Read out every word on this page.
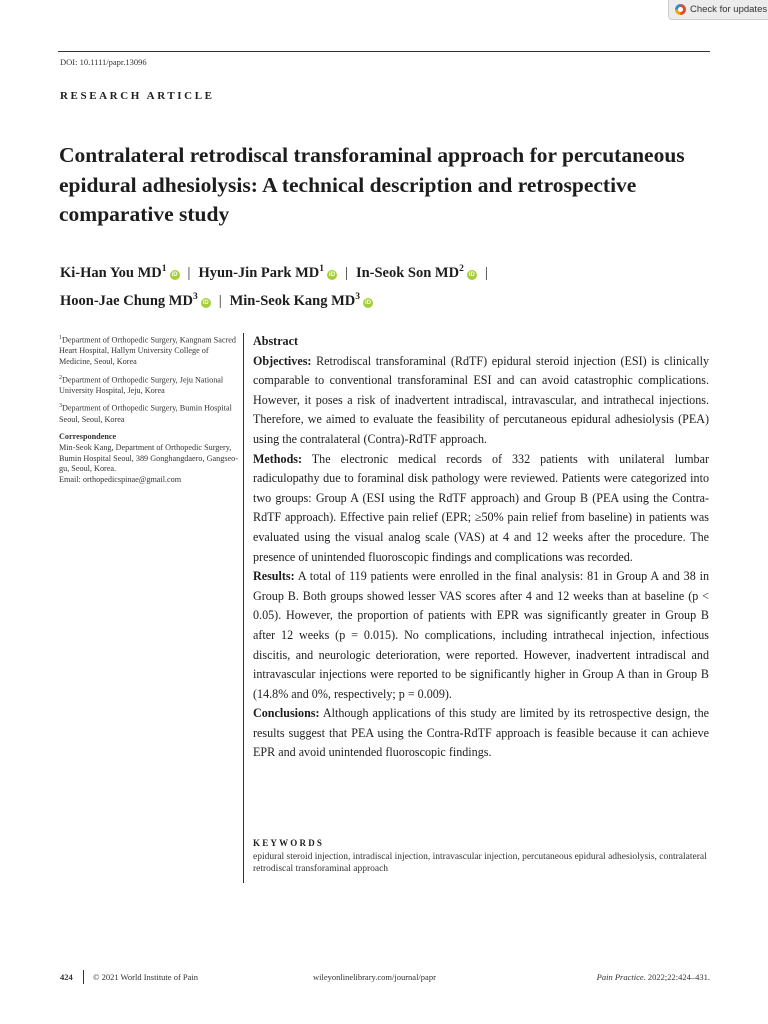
Check for updates
DOI: 10.1111/papr.13096
RESEARCH ARTICLE
Contralateral retrodiscal transforaminal approach for percutaneous epidural adhesiolysis: A technical description and retrospective comparative study
Ki-Han You $MD^1iD$ | Hyun-Jin Park $MD^1iD$ | In-Seok Son $MD^2iD$ |
Hoon-Jae Chung $MD^3iD$ | Min-Seok Kang $MD^3iD$

$^1$Department of Orthopedic Surgery, Kangnam Sacred Heart Hospital, Hallym University College of Medicine, Seoul, Korea

$^2$Department of Orthopedic Surgery, Jeju National University Hospital, Jeju, Korea

$^3$Department of Orthopedic Surgery, Bumin Hospital Seoul, Seoul, Korea

Correspondence

Min-Seok Kang, Department of Orthopedic Surgery, Bumin Hospital Seoul, 389 Gonghangdaero, Gangseo-gu, Seoul, Korea.

Email: orthopedicspinae@gmail.com

Abstract

Objectives: Retrodiscal transforaminal (RdTF) epidural steroid injection (ESI) is clinically comparable to conventional transforaminal ESI and can avoid catastrophic complications. However, it poses a risk of inadvertent intradiscal, intravascular, and intrathecal injections. Therefore, we aimed to evaluate the feasibility of percutaneous epidural adhesiolysis (PEA) using the contralateral (Contra)-RdTF approach.

Methods: The electronic medical records of 332 patients with unilateral lumbar radiculopathy due to foraminal disk pathology were reviewed. Patients were categorized into two groups: Group A (ESI using the RdTF approach) and Group B (PEA using the Contra-RdTF approach). Effective pain relief (EPR; ≥50% pain relief from baseline) in patients was evaluated using the visual analog scale (VAS) at 4 and 12 weeks after the procedure. The presence of unintended fluoroscopic findings and complications was recorded.

Results: A total of 119 patients were enrolled in the final analysis: 81 in Group A and 38 in Group B. Both groups showed lesser VAS scores after 4 and 12 weeks than at baseline (p < 0.05). However, the proportion of patients with EPR was significantly greater in Group B after 12 weeks (p = 0.015). No complications, including intrathecal injection, infectious discitis, and neurologic deterioration, were reported. However, inadvertent intradiscal and intravascular injections were reported to be significantly higher in Group A than in Group B (14.8% and 0%, respectively; p = 0.009).

Conclusions: Although applications of this study are limited by its retrospective design, the results suggest that PEA using the Contra-RdTF approach is feasible because it can achieve EPR and avoid unintended fluoroscopic findings.

KEYWORDS
epidural steroid injection, intradiscal injection, intravascular injection, percutaneous epidural adhesiolysis, contralateral retrodiscal transforaminal approach
424 © 2021 World Institute of Pain	wileyonlinelibrary.com/journal/papr	Pain Practice. 2022;22:424–431.
